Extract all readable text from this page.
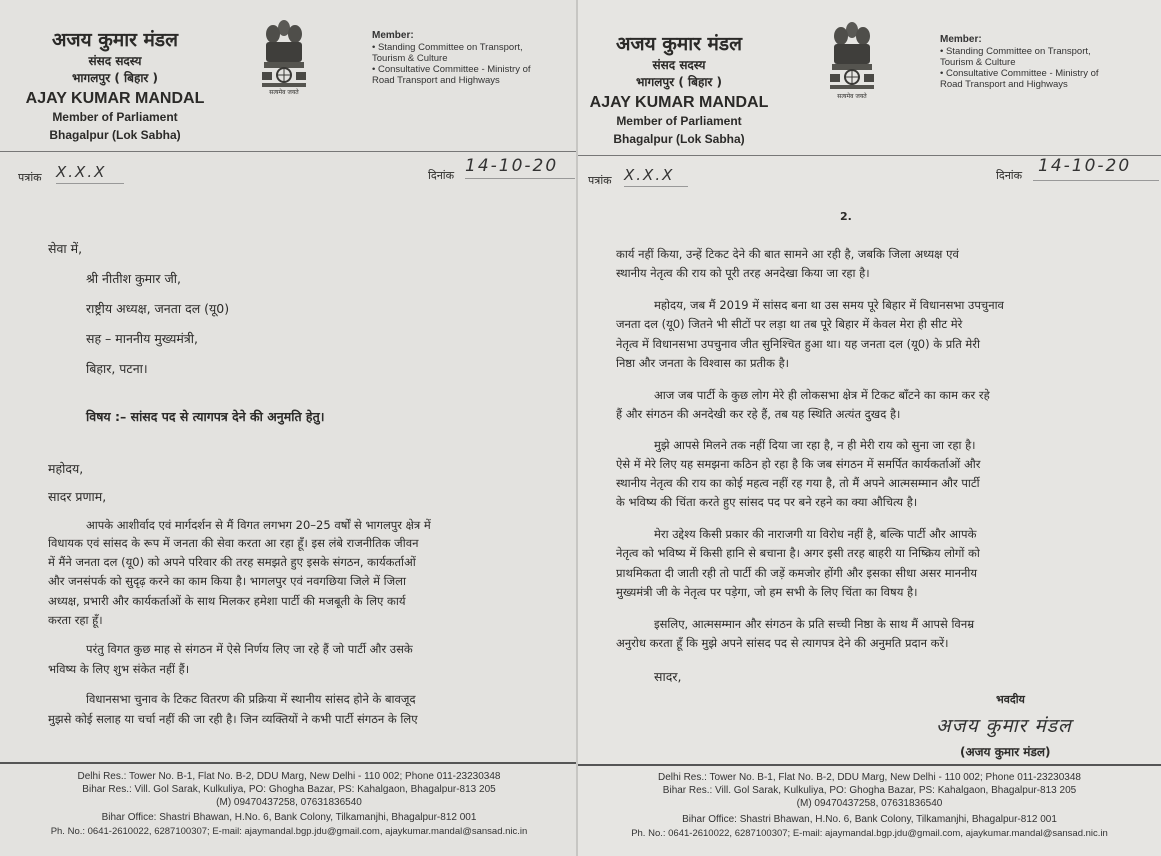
अजय कुमार मंडल
संसद सदस्य
भागलपुर ( बिहार )
AJAY KUMAR MANDAL
Member of Parliament
Bhagalpur (Lok Sabha)
सत्यमेव जयते
Member:
• Standing Committee on Transport,
Tourism & Culture
• Consultative Committee - Ministry of
Road Transport and Highways
पत्रांक X.X.X	दिनांक 14-10-20
सेवा में,
श्री नीतीश कुमार जी,
राष्ट्रीय अध्यक्ष, जनता दल (यू0)
सह – माननीय मुख्यमंत्री,
बिहार, पटना।
विषय :– सांसद पद से त्यागपत्र देने की अनुमति हेतु।
महोदय,
सादर प्रणाम,
आपके आशीर्वाद एवं मार्गदर्शन से मैं विगत लगभग 20–25 वर्षों से भागलपुर क्षेत्र में
विधायक एवं सांसद के रूप में जनता की सेवा करता आ रहा हूँ। इस लंबे राजनीतिक जीवन
में मैंने जनता दल (यू0) को अपने परिवार की तरह समझते हुए इसके संगठन, कार्यकर्ताओं
और जनसंपर्क को सुदृढ़ करने का काम किया है। भागलपुर एवं नवगछिया जिले में जिला
अध्यक्ष, प्रभारी और कार्यकर्ताओं के साथ मिलकर हमेशा पार्टी की मजबूती के लिए कार्य
करता रहा हूँ।
परंतु विगत कुछ माह से संगठन में ऐसे निर्णय लिए जा रहे हैं जो पार्टी और उसके
भविष्य के लिए शुभ संकेत नहीं हैं।
विधानसभा चुनाव के टिकट वितरण की प्रक्रिया में स्थानीय सांसद होने के बावजूद
मुझसे कोई सलाह या चर्चा नहीं की जा रही है। जिन व्यक्तियों ने कभी पार्टी संगठन के लिए
Delhi Res.: Tower No. B-1, Flat No. B-2, DDU Marg, New Delhi - 110 002; Phone 011-23230348
Bihar Res.: Vill. Gol Sarak, Kulkuliya, PO: Ghogha Bazar, PS: Kahalgaon, Bhagalpur-813 205
(M) 09470437258, 07631836540
Bihar Office: Shastri Bhawan, H.No. 6, Bank Colony, Tilkamanjhi, Bhagalpur-812 001
Ph. No.: 0641-2610022, 6287100307; E-mail: ajaymandal.bgp.jdu@gmail.com, ajaykumar.mandal@sansad.nic.in
अजय कुमार मंडल
संसद सदस्य
भागलपुर ( बिहार )
AJAY KUMAR MANDAL
Member of Parliament
Bhagalpur (Lok Sabha)
सत्यमेव जयते
Member:
• Standing Committee on Transport,
Tourism & Culture
• Consultative Committee - Ministry of
Road Transport and Highways
पत्रांक X.X.X	दिनांक 14-10-20
2.
कार्य नहीं किया, उन्हें टिकट देने की बात सामने आ रही है, जबकि जिला अध्यक्ष एवं
स्थानीय नेतृत्व की राय को पूरी तरह अनदेखा किया जा रहा है।
महोदय, जब मैं 2019 में सांसद बना था उस समय पूरे बिहार में विधानसभा उपचुनाव
जनता दल (यू0) जितने भी सीटों पर लड़ा था तब पूरे बिहार में केवल मेरा ही सीट मेरे
नेतृत्व में विधानसभा उपचुनाव जीत सुनिश्चित हुआ था। यह जनता दल (यू0) के प्रति मेरी
निष्ठा और जनता के विश्वास का प्रतीक है।
आज जब पार्टी के कुछ लोग मेरे ही लोकसभा क्षेत्र में टिकट बाँटने का काम कर रहे
हैं और संगठन की अनदेखी कर रहे हैं, तब यह स्थिति अत्यंत दुखद है।
मुझे आपसे मिलने तक नहीं दिया जा रहा है, न ही मेरी राय को सुना जा रहा है।
ऐसे में मेरे लिए यह समझना कठिन हो रहा है कि जब संगठन में समर्पित कार्यकर्ताओं और
स्थानीय नेतृत्व की राय का कोई महत्व नहीं रह गया है, तो मैं अपने आत्मसम्मान और पार्टी
के भविष्य की चिंता करते हुए सांसद पद पर बने रहने का क्या औचित्य है।
मेरा उद्देश्य किसी प्रकार की नाराजगी या विरोध नहीं है, बल्कि पार्टी और आपके
नेतृत्व को भविष्य में किसी हानि से बचाना है। अगर इसी तरह बाहरी या निष्क्रिय लोगों को
प्राथमिकता दी जाती रही तो पार्टी की जड़ें कमजोर होंगी और इसका सीधा असर माननीय
मुख्यमंत्री जी के नेतृत्व पर पड़ेगा, जो हम सभी के लिए चिंता का विषय है।
इसलिए, आत्मसम्मान और संगठन के प्रति सच्ची निष्ठा के साथ मैं आपसे विनम्र
अनुरोध करता हूँ कि मुझे अपने सांसद पद से त्यागपत्र देने की अनुमति प्रदान करें।
सादर,
भवदीय
अजय कुमार मंडल
(अजय कुमार मंडल)
Delhi Res.: Tower No. B-1, Flat No. B-2, DDU Marg, New Delhi - 110 002; Phone 011-23230348
Bihar Res.: Vill. Gol Sarak, Kulkuliya, PO: Ghogha Bazar, PS: Kahalgaon, Bhagalpur-813 205
(M) 09470437258, 07631836540
Bihar Office: Shastri Bhawan, H.No. 6, Bank Colony, Tilkamanjhi, Bhagalpur-812 001
Ph. No.: 0641-2610022, 6287100307; E-mail: ajaymandal.bgp.jdu@gmail.com, ajaykumar.mandal@sansad.nic.in
